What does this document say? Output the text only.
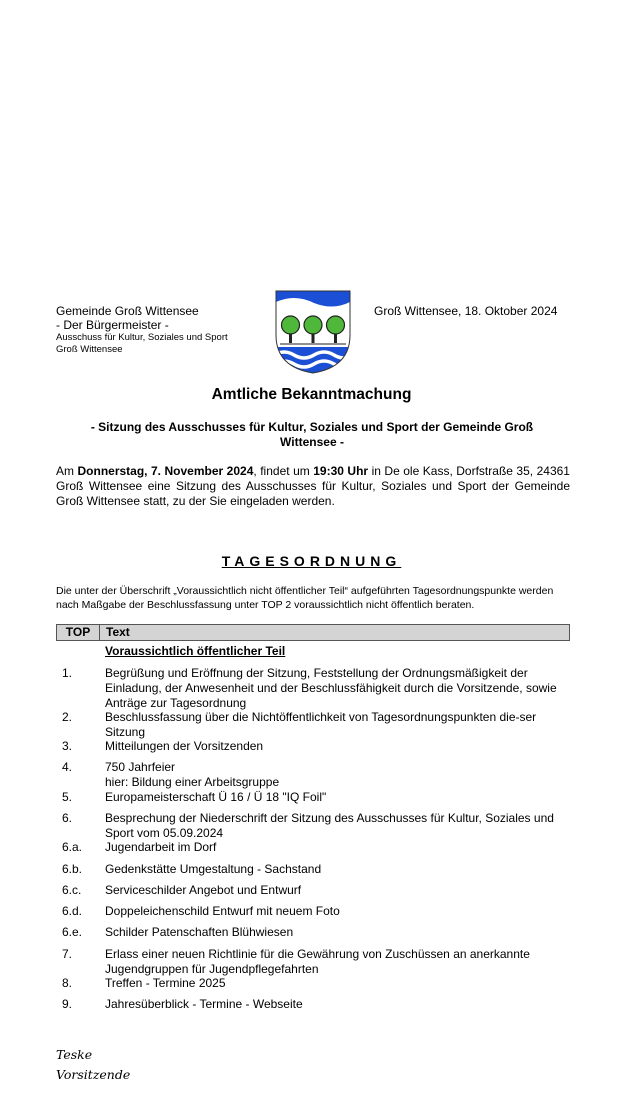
Gemeinde Groß Wittensee
- Der Bürgermeister -
Ausschuss für Kultur, Soziales und Sport
Groß Wittensee
Groß Wittensee, 18. Oktober 2024
Amtliche Bekanntmachung
- Sitzung des Ausschusses für Kultur, Soziales und Sport der Gemeinde Groß Wittensee -
Am Donnerstag, 7. November 2024, findet um 19:30 Uhr in De ole Kass, Dorfstraße 35, 24361 Groß Wittensee eine Sitzung des Ausschusses für Kultur, Soziales und Sport der Gemeinde Groß Wittensee statt, zu der Sie eingeladen werden.
TAGESORDNUNG
Die unter der Überschrift „Voraussichtlich nicht öffentlicher Teil“ aufgeführten Tagesordnungspunkte werden nach Maßgabe der Beschlussfassung unter TOP 2 voraussichtlich nicht öffentlich beraten.
TOP	Text
Voraussichtlich öffentlicher Teil
1.	Begrüßung und Eröffnung der Sitzung, Feststellung der Ordnungsmäßigkeit der Einladung, der Anwesenheit und der Beschlussfähigkeit durch die Vorsitzende, sowie Anträge zur Tagesordnung
2.	Beschlussfassung über die Nichtöffentlichkeit von Tagesordnungspunkten die-ser Sitzung
3.	Mitteilungen der Vorsitzenden
4.	750 Jahrfeier
hier: Bildung einer Arbeitsgruppe
5.	Europameisterschaft Ü 16 / Ü 18 "IQ Foil"
6.	Besprechung der Niederschrift der Sitzung des Ausschusses für Kultur, Soziales und Sport vom 05.09.2024
6.a. Jugendarbeit im Dorf
6.b. Gedenkstätte Umgestaltung - Sachstand
6.c. Serviceschilder Angebot und Entwurf
6.d. Doppeleichenschild Entwurf mit neuem Foto
6.e. Schilder Patenschaften Blühwiesen
7.	Erlass einer neuen Richtlinie für die Gewährung von Zuschüssen an anerkannte Jugendgruppen für Jugendpflegefahrten
8.	Treffen - Termine 2025
9.	Jahresüberblick - Termine - Webseite
Teske
Vorsitzende
